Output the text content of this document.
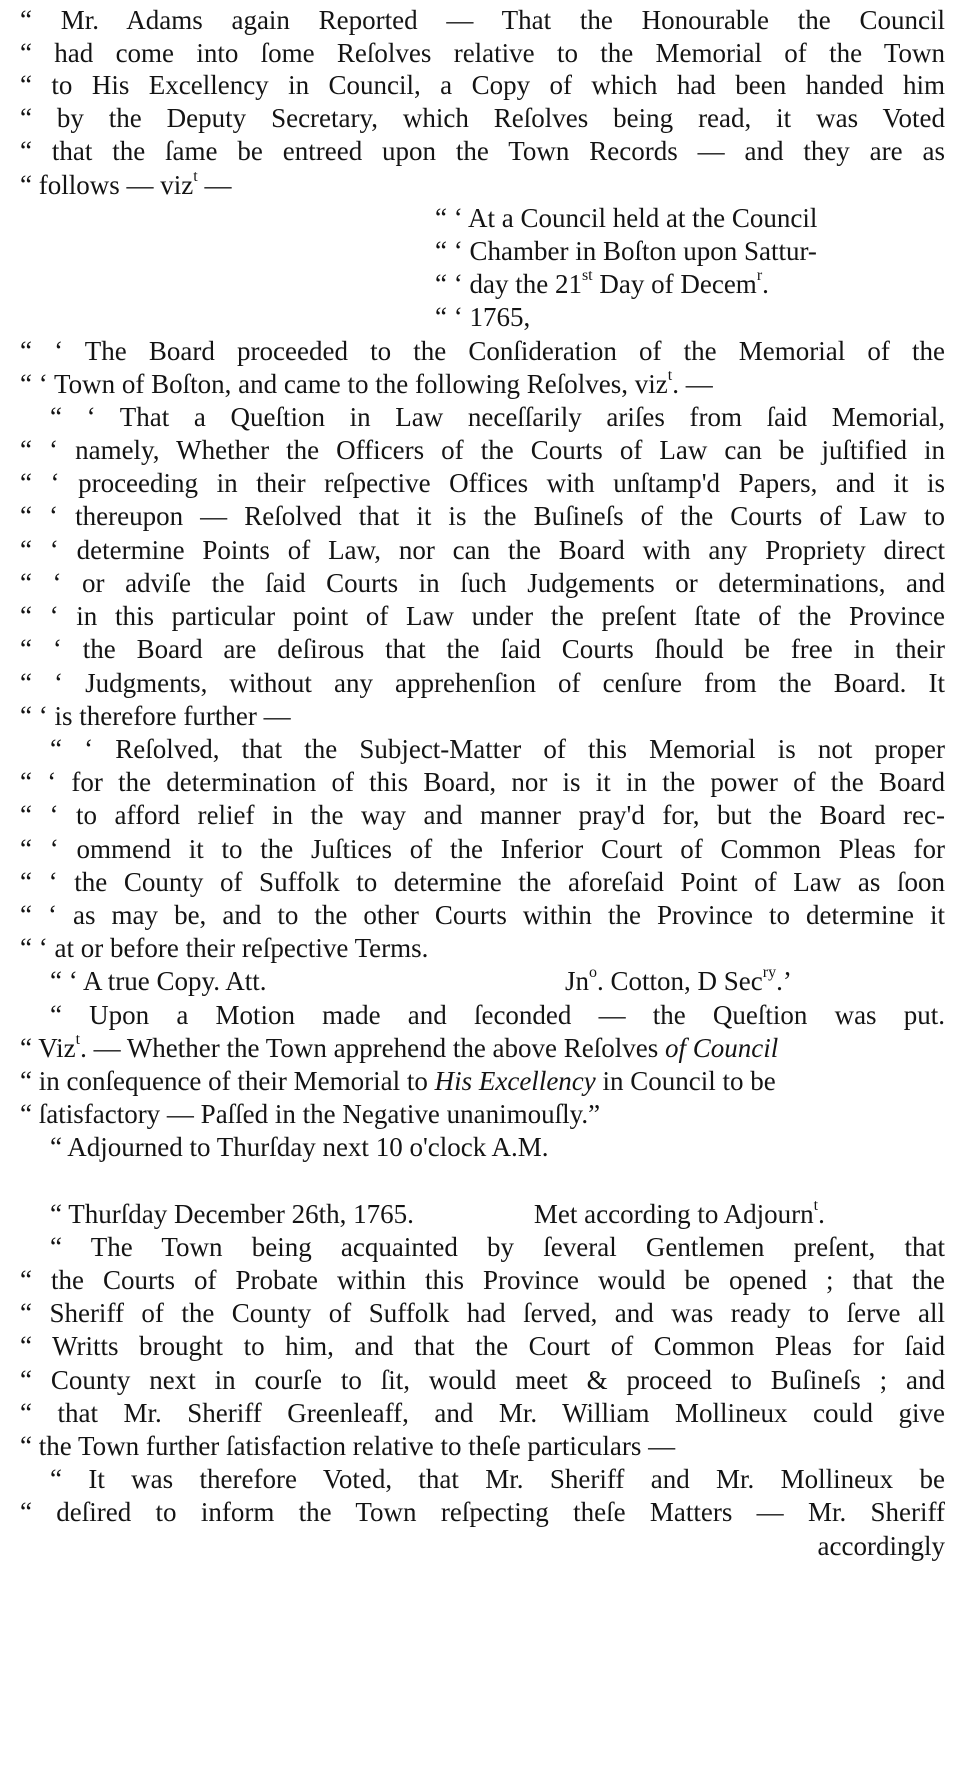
“ Mr. Adams again Reported — That the Honourable the Council
“ had come into ſome Reſolves relative to the Memorial of the Town
“ to His Excellency in Council, a Copy of which had been handed him
“ by the Deputy Secretary, which Reſolves being read, it was Voted
“ that the ſame be entreed upon the Town Records — and they are as
“ follows — viz$^t$ —
“ ‘ At a Council held at the Council
“ ‘ Chamber in Boſton upon Sattur-
“ ‘ day the 21st Day of Decem$^r$.
“ ‘ 1765,
“ ‘ The Board proceeded to the Conſideration of the Memorial of the
“ ‘ Town of Boſton, and came to the following Reſolves, viz$^t$. —
“ ‘ That a Queſtion in Law neceſſarily ariſes from ſaid Memorial,
“ ‘ namely, Whether the Officers of the Courts of Law can be juſtified in
“ ‘ proceeding in their reſpective Offices with unſtamp'd Papers, and it is
“ ‘ thereupon — Reſolved that it is the Buſineſs of the Courts of Law to
“ ‘ determine Points of Law, nor can the Board with any Propriety direct
“ ‘ or adviſe the ſaid Courts in ſuch Judgements or determinations, and
“ ‘ in this particular point of Law under the preſent ſtate of the Province
“ ‘ the Board are deſirous that the ſaid Courts ſhould be free in their
“ ‘ Judgments, without any apprehenſion of cenſure from the Board. It
“ ‘ is therefore further —
“ ‘ Reſolved, that the Subject-Matter of this Memorial is not proper
“ ‘ for the determination of this Board, nor is it in the power of the Board
“ ‘ to afford relief in the way and manner pray'd for, but the Board rec-
“ ‘ ommend it to the Juſtices of the Inferior Court of Common Pleas for
“ ‘ the County of Suffolk to determine the aforeſaid Point of Law as ſoon
“ ‘ as may be, and to the other Courts within the Province to determine it
“ ‘ at or before their reſpective Terms.
“ ‘ A true Copy. Att.	Jn$^o$. Cotton, D Sec$^{ry}$.’
“ Upon a Motion made and ſeconded — the Queſtion was put.
“ Viz$^t$. — Whether the Town apprehend the above Reſolves of Council
“ in conſequence of their Memorial to His Excellency in Council to be
“ ſatisfactory — Paſſed in the Negative unanimouſly.”
“ Adjourned to Thurſday next 10 o'clock A.M.
“ Thurſday December 26th, 1765.	Met according to Adjourn$^t$.
“ The Town being acquainted by ſeveral Gentlemen preſent, that
“ the Courts of Probate within this Province would be opened ; that the
“ Sheriff of the County of Suffolk had ſerved, and was ready to ſerve all
“ Writts brought to him, and that the Court of Common Pleas for ſaid
“ County next in courſe to ſit, would meet & proceed to Buſineſs ; and
“ that Mr. Sheriff Greenleaff, and Mr. William Mollineux could give
“ the Town further ſatisfaction relative to theſe particulars —
“ It was therefore Voted, that Mr. Sheriff and Mr. Mollineux be
“ deſired to inform the Town reſpecting theſe Matters — Mr. Sheriff
accordingly
